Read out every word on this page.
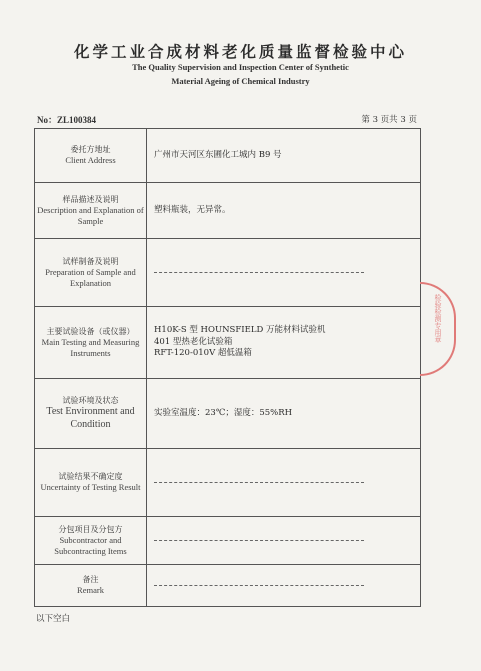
化学工业合成材料老化质量监督检验中心
The Quality Supervision and Inspection Center of Synthetic
Material Ageing of Chemical Industry
No：ZL100384	第 3 页共 3 页
委托方地址
Client Address	广州市天河区东圃化工城内 B9 号

样品描述及说明
Description and Explanation of Sample	塑料瓶装，无异常。

试样制备及说明
Preparation of Sample and Explanation	

主要试验设备（或仪器）
Main Testing and Measuring Instruments	H10K-S 型 HOUNSFIELD 万能材料试验机
401 型热老化试验箱
RFT-120-010V 超低温箱

试验环境及状态
Test Environment and Condition	实验室温度：23℃；湿度：55%RH

试验结果不确定度
Uncertainty of Testing Result	

分包项目及分包方
Subcontractor and Subcontracting Items	

备注
Remark	

以下空白
检验检测专用章
